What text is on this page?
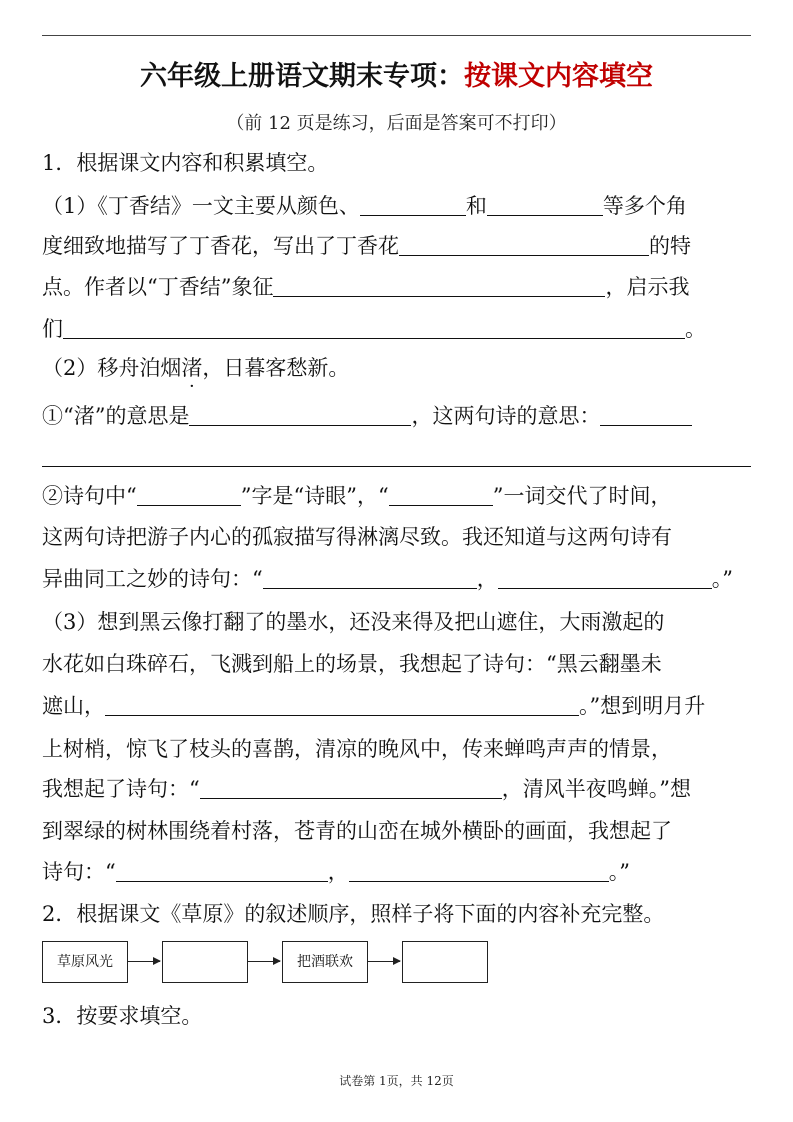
六年级上册语文期末专项：按课文内容填空
（前 12 页是练习，后面是答案可不打印）
1．根据课文内容和积累填空。
（1）《丁香结》一文主要从颜色、	和	等多个角
度细致地描写了丁香花，写出了丁香花	的特
点。作者以“丁香结”象征	，启示我
们	。
（2）移舟泊烟渚，日暮客愁新。
①“渚”的意思是	，这两句诗的意思：
②诗句中“	”字是“诗眼”，“	”一词交代了时间，
这两句诗把游子内心的孤寂描写得淋漓尽致。我还知道与这两句诗有
异曲同工之妙的诗句：“	，	。”
（3）想到黑云像打翻了的墨水，还没来得及把山遮住，大雨激起的
水花如白珠碎石，飞溅到船上的场景，我想起了诗句：“黑云翻墨未
遮山，	。”想到明月升
上树梢，惊飞了枝头的喜鹊，清凉的晚风中，传来蝉鸣声声的情景，
我想起了诗句：“	，清风半夜鸣蝉。”想
到翠绿的树林围绕着村落，苍青的山峦在城外横卧的画面，我想起了
诗句：“	，	。”
2．根据课文《草原》的叙述顺序，照样子将下面的内容补充完整。
草原风光	把酒联欢
3．按要求填空。
试卷第 1页，共 12页
